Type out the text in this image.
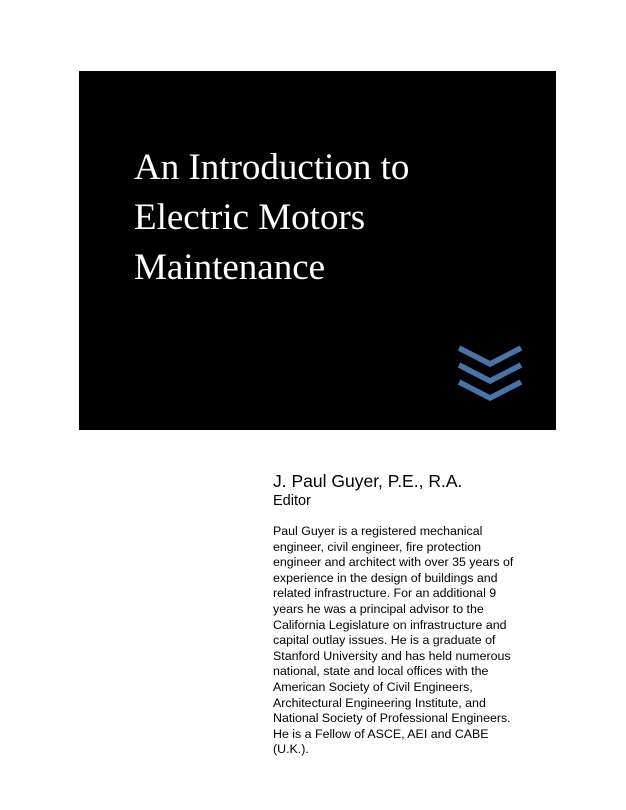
An Introduction to
Electric Motors
Maintenance

J. Paul Guyer, P.E., R.A.

Editor

Paul Guyer is a registered mechanical
engineer, civil engineer, fire protection
engineer and architect with over 35 years of
experience in the design of buildings and
related infrastructure. For an additional 9
years he was a principal advisor to the
California Legislature on infrastructure and
capital outlay issues. He is a graduate of
Stanford University and has held numerous
national, state and local offices with the
American Society of Civil Engineers,
Architectural Engineering Institute, and
National Society of Professional Engineers.
He is a Fellow of ASCE, AEI and CABE
(U.K.).
